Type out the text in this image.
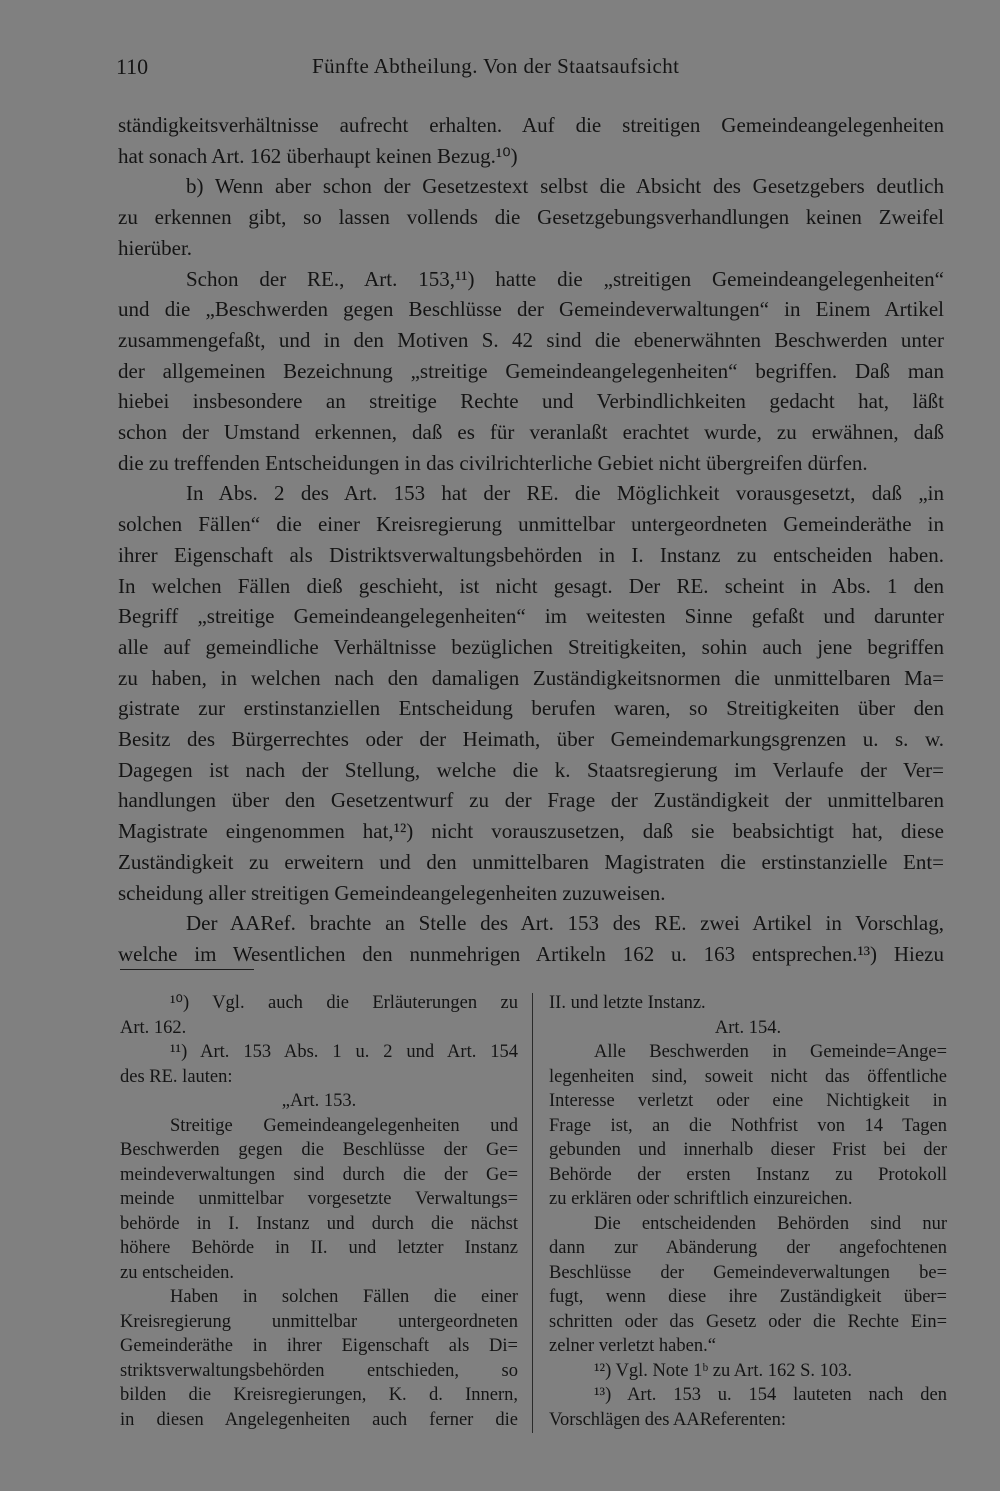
110	Fünfte Abtheilung. Von der Staatsaufsicht
ständigkeitsverhältnisse aufrecht erhalten. Auf die streitigen Gemeindeangelegenheiten
hat sonach Art. 162 überhaupt keinen Bezug.¹⁰)
b) Wenn aber schon der Gesetzestext selbst die Absicht des Gesetzgebers deutlich
zu erkennen gibt, so lassen vollends die Gesetzgebungsverhandlungen keinen Zweifel
hierüber.
Schon der RE., Art. 153,¹¹) hatte die „streitigen Gemeindeangelegenheiten“
und die „Beschwerden gegen Beschlüsse der Gemeindeverwaltungen“ in Einem Artikel
zusammengefaßt, und in den Motiven S. 42 sind die ebenerwähnten Beschwerden unter
der allgemeinen Bezeichnung „streitige Gemeindeangelegenheiten“ begriffen. Daß man
hiebei insbesondere an streitige Rechte und Verbindlichkeiten gedacht hat, läßt
schon der Umstand erkennen, daß es für veranlaßt erachtet wurde, zu erwähnen, daß
die zu treffenden Entscheidungen in das civilrichterliche Gebiet nicht übergreifen dürfen.
In Abs. 2 des Art. 153 hat der RE. die Möglichkeit vorausgesetzt, daß „in
solchen Fällen“ die einer Kreisregierung unmittelbar untergeordneten Gemeinderäthe in
ihrer Eigenschaft als Distriktsverwaltungsbehörden in I. Instanz zu entscheiden haben.
In welchen Fällen dieß geschieht, ist nicht gesagt. Der RE. scheint in Abs. 1 den
Begriff „streitige Gemeindeangelegenheiten“ im weitesten Sinne gefaßt und darunter
alle auf gemeindliche Verhältnisse bezüglichen Streitigkeiten, sohin auch jene begriffen
zu haben, in welchen nach den damaligen Zuständigkeitsnormen die unmittelbaren Ma=
gistrate zur erstinstanziellen Entscheidung berufen waren, so Streitigkeiten über den
Besitz des Bürgerrechtes oder der Heimath, über Gemeindemarkungsgrenzen u. s. w.
Dagegen ist nach der Stellung, welche die k. Staatsregierung im Verlaufe der Ver=
handlungen über den Gesetzentwurf zu der Frage der Zuständigkeit der unmittelbaren
Magistrate eingenommen hat,¹²) nicht vorauszusetzen, daß sie beabsichtigt hat, diese
Zuständigkeit zu erweitern und den unmittelbaren Magistraten die erstinstanzielle Ent=
scheidung aller streitigen Gemeindeangelegenheiten zuzuweisen.
Der AARef. brachte an Stelle des Art. 153 des RE. zwei Artikel in Vorschlag,
welche im Wesentlichen den nunmehrigen Artikeln 162 u. 163 entsprechen.¹³) Hiezu
¹⁰) Vgl. auch die Erläuterungen zu
Art. 162.
¹¹) Art. 153 Abs. 1 u. 2 und Art. 154
des RE. lauten:
„Art. 153.
Streitige Gemeindeangelegenheiten und
Beschwerden gegen die Beschlüsse der Ge=
meindeverwaltungen sind durch die der Ge=
meinde unmittelbar vorgesetzte Verwaltungs=
behörde in I. Instanz und durch die nächst
höhere Behörde in II. und letzter Instanz
zu entscheiden.
Haben in solchen Fällen die einer
Kreisregierung unmittelbar untergeordneten
Gemeinderäthe in ihrer Eigenschaft als Di=
striktsverwaltungsbehörden entschieden, so
bilden die Kreisregierungen, K. d. Innern,
in diesen Angelegenheiten auch ferner die
II. und letzte Instanz.
Art. 154.
Alle Beschwerden in Gemeinde=Ange=
legenheiten sind, soweit nicht das öffentliche
Interesse verletzt oder eine Nichtigkeit in
Frage ist, an die Nothfrist von 14 Tagen
gebunden und innerhalb dieser Frist bei der
Behörde der ersten Instanz zu Protokoll
zu erklären oder schriftlich einzureichen.
Die entscheidenden Behörden sind nur
dann zur Abänderung der angefochtenen
Beschlüsse der Gemeindeverwaltungen be=
fugt, wenn diese ihre Zuständigkeit über=
schritten oder das Gesetz oder die Rechte Ein=
zelner verletzt haben.“
¹²) Vgl. Note 1ᵇ zu Art. 162 S. 103.
¹³) Art. 153 u. 154 lauteten nach den
Vorschlägen des AAReferenten:
